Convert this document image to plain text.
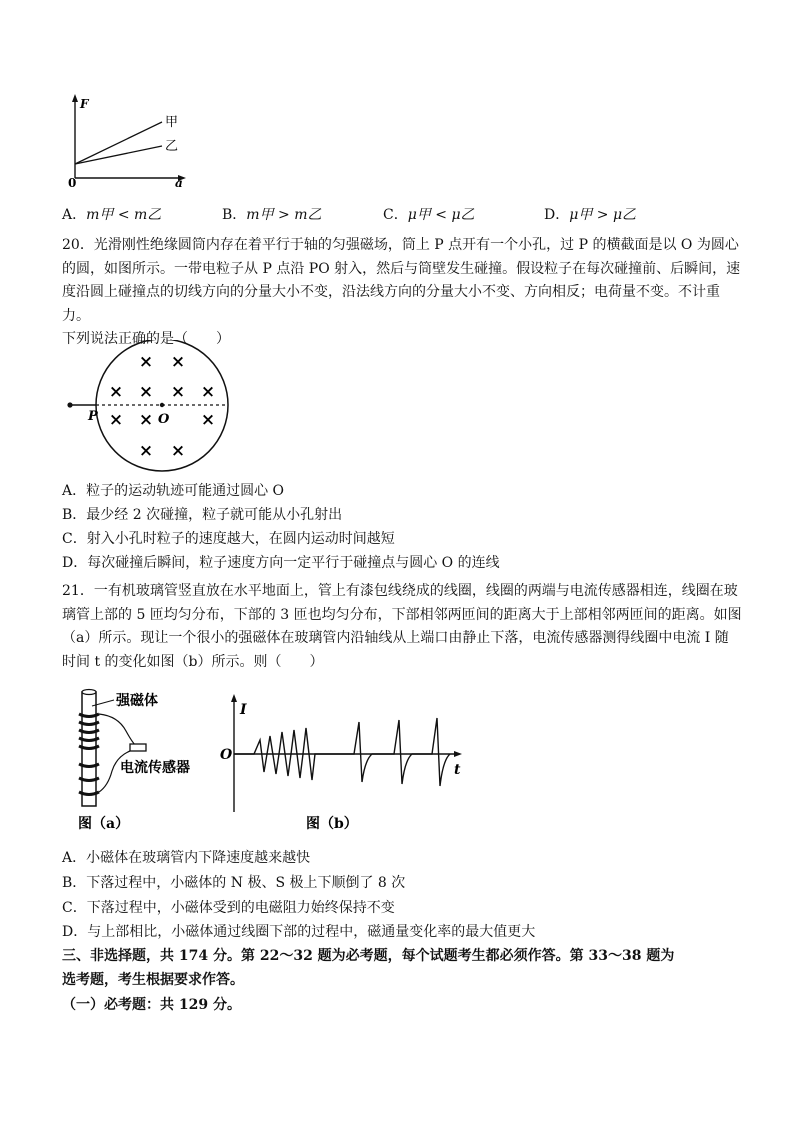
F
a
0
甲
乙
A．m甲 < m乙	B．m甲 > m乙	C．μ甲 < μ乙	D．μ甲 > μ乙
20．光滑刚性绝缘圆筒内存在着平行于轴的匀强磁场，筒上 P 点开有一个小孔，过 P 的横截面是以 O 为圆心
的圆，如图所示。一带电粒子从 P 点沿 PO 射入，然后与筒壁发生碰撞。假设粒子在每次碰撞前、后瞬间，速
度沿圆上碰撞点的切线方向的分量大小不变，沿法线方向的分量大小不变、方向相反；电荷量不变。不计重力。
下列说法正确的是（　　）
P	O
× ×
× × × ×
× ×	×
× ×
A．粒子的运动轨迹可能通过圆心 O
B．最少经 2 次碰撞，粒子就可能从小孔射出
C．射入小孔时粒子的速度越大，在圆内运动时间越短
D．每次碰撞后瞬间，粒子速度方向一定平行于碰撞点与圆心 O 的连线
21．一有机玻璃管竖直放在水平地面上，管上有漆包线绕成的线圈，线圈的两端与电流传感器相连，线圈在玻
璃管上部的 5 匝均匀分布，下部的 3 匝也均匀分布，下部相邻两匝间的距离大于上部相邻两匝间的距离。如图
（a）所示。现让一个很小的强磁体在玻璃管内沿轴线从上端口由静止下落，电流传感器测得线圈中电流 I 随
时间 t 的变化如图（b）所示。则（　　）
强磁体
电流传感器
图（a）
I
t
O
图（b）
A．小磁体在玻璃管内下降速度越来越快
B．下落过程中，小磁体的 N 极、S 极上下顺倒了 8 次
C．下落过程中，小磁体受到的电磁阻力始终保持不变
D．与上部相比，小磁体通过线圈下部的过程中，磁通量变化率的最大值更大
三、非选择题，共 174 分。第 22～32 题为必考题，每个试题考生都必须作答。第 33～38 题为
选考题，考生根据要求作答。
（一）必考题：共 129 分。
